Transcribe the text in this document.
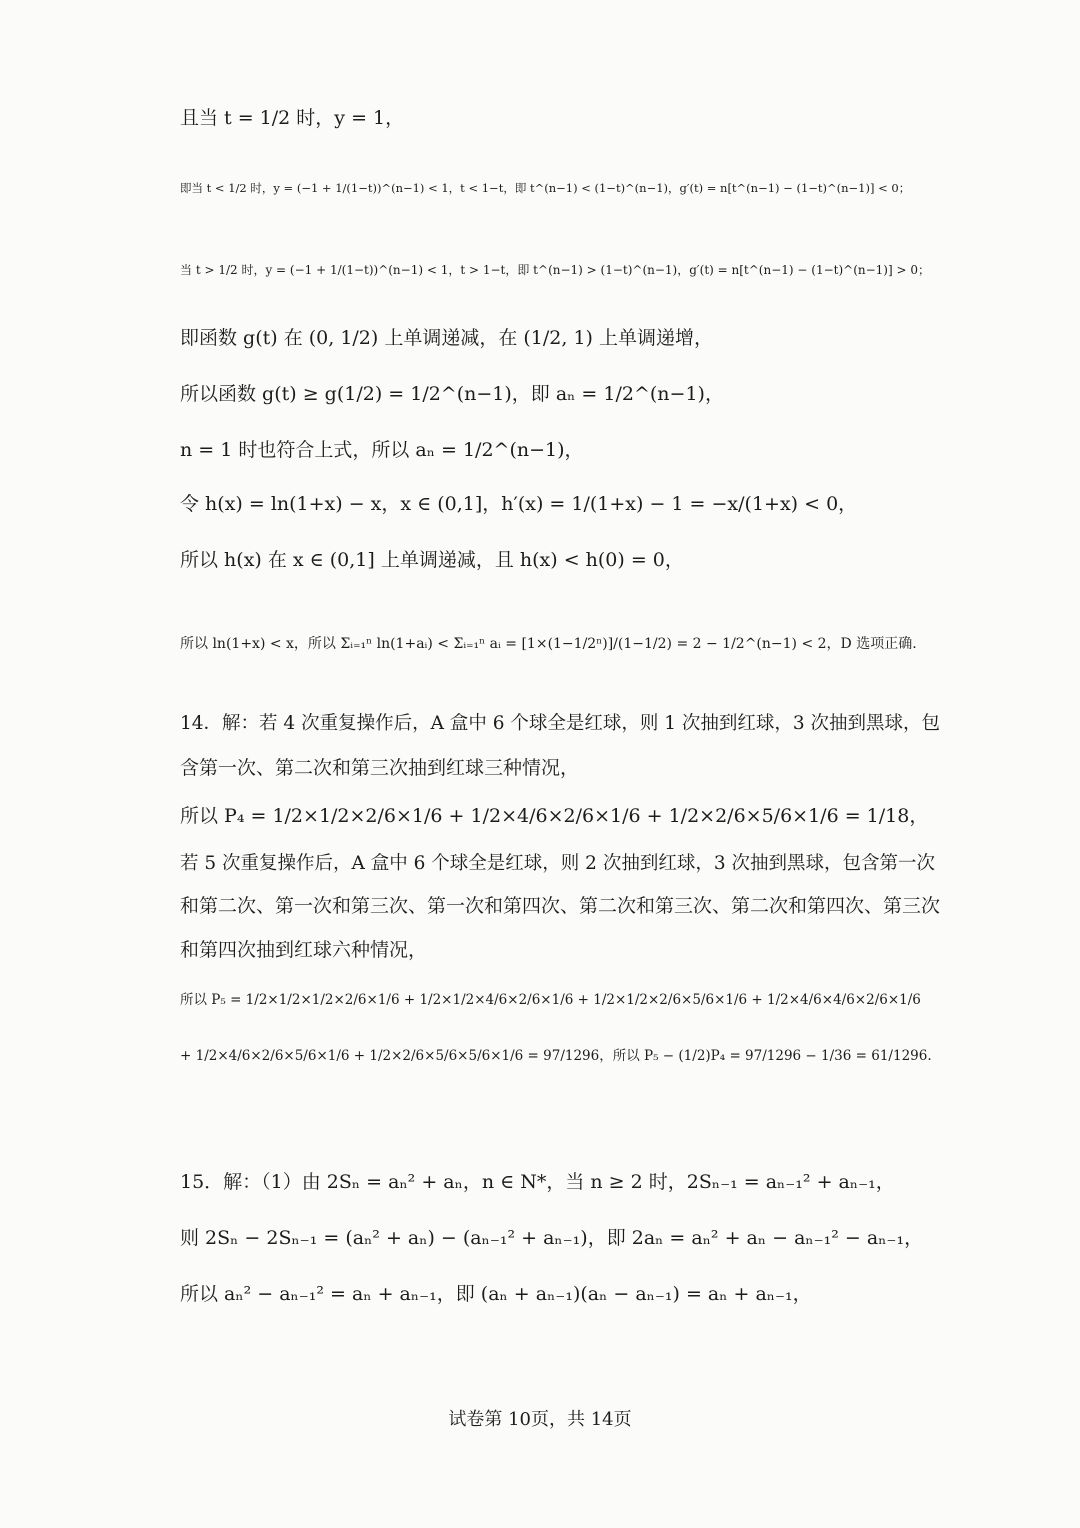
且当 t = 1/2 时，y = 1，
即当 t < 1/2 时，y = (−1 + 1/(1−t))^(n−1) < 1，t < 1−t，即 t^(n−1) < (1−t)^(n−1)，g′(t) = n[t^(n−1) − (1−t)^(n−1)] < 0；
当 t > 1/2 时，y = (−1 + 1/(1−t))^(n−1) < 1，t > 1−t，即 t^(n−1) > (1−t)^(n−1)，g′(t) = n[t^(n−1) − (1−t)^(n−1)] > 0；
即函数 g(t) 在 (0, 1/2) 上单调递减，在 (1/2, 1) 上单调递增，
所以函数 g(t) ≥ g(1/2) = 1/2^(n−1)，即 aₙ = 1/2^(n−1)，
n = 1 时也符合上式，所以 aₙ = 1/2^(n−1)，
令 h(x) = ln(1+x) − x，x ∈ (0,1]，h′(x) = 1/(1+x) − 1 = −x/(1+x) < 0，
所以 h(x) 在 x ∈ (0,1] 上单调递减，且 h(x) < h(0) = 0，
所以 ln(1+x) < x，所以 Σᵢ₌₁ⁿ ln(1+aᵢ) < Σᵢ₌₁ⁿ aᵢ = [1×(1−1/2ⁿ)]/(1−1/2) = 2 − 1/2^(n−1) < 2，D 选项正确.
14．解：若 4 次重复操作后，A 盒中 6 个球全是红球，则 1 次抽到红球，3 次抽到黑球，包
含第一次、第二次和第三次抽到红球三种情况，
所以 P₄ = 1/2×1/2×2/6×1/6 + 1/2×4/6×2/6×1/6 + 1/2×2/6×5/6×1/6 = 1/18，
若 5 次重复操作后，A 盒中 6 个球全是红球，则 2 次抽到红球，3 次抽到黑球，包含第一次
和第二次、第一次和第三次、第一次和第四次、第二次和第三次、第二次和第四次、第三次
和第四次抽到红球六种情况，
所以 P₅ = 1/2×1/2×1/2×2/6×1/6 + 1/2×1/2×4/6×2/6×1/6 + 1/2×1/2×2/6×5/6×1/6 + 1/2×4/6×4/6×2/6×1/6
+ 1/2×4/6×2/6×5/6×1/6 + 1/2×2/6×5/6×5/6×1/6 = 97/1296，所以 P₅ − (1/2)P₄ = 97/1296 − 1/36 = 61/1296.
15．解：（1）由 2Sₙ = aₙ² + aₙ，n ∈ N*，当 n ≥ 2 时，2Sₙ₋₁ = aₙ₋₁² + aₙ₋₁，
则 2Sₙ − 2Sₙ₋₁ = (aₙ² + aₙ) − (aₙ₋₁² + aₙ₋₁)，即 2aₙ = aₙ² + aₙ − aₙ₋₁² − aₙ₋₁，
所以 aₙ² − aₙ₋₁² = aₙ + aₙ₋₁，即 (aₙ + aₙ₋₁)(aₙ − aₙ₋₁) = aₙ + aₙ₋₁，
试卷第 10页，共 14页
